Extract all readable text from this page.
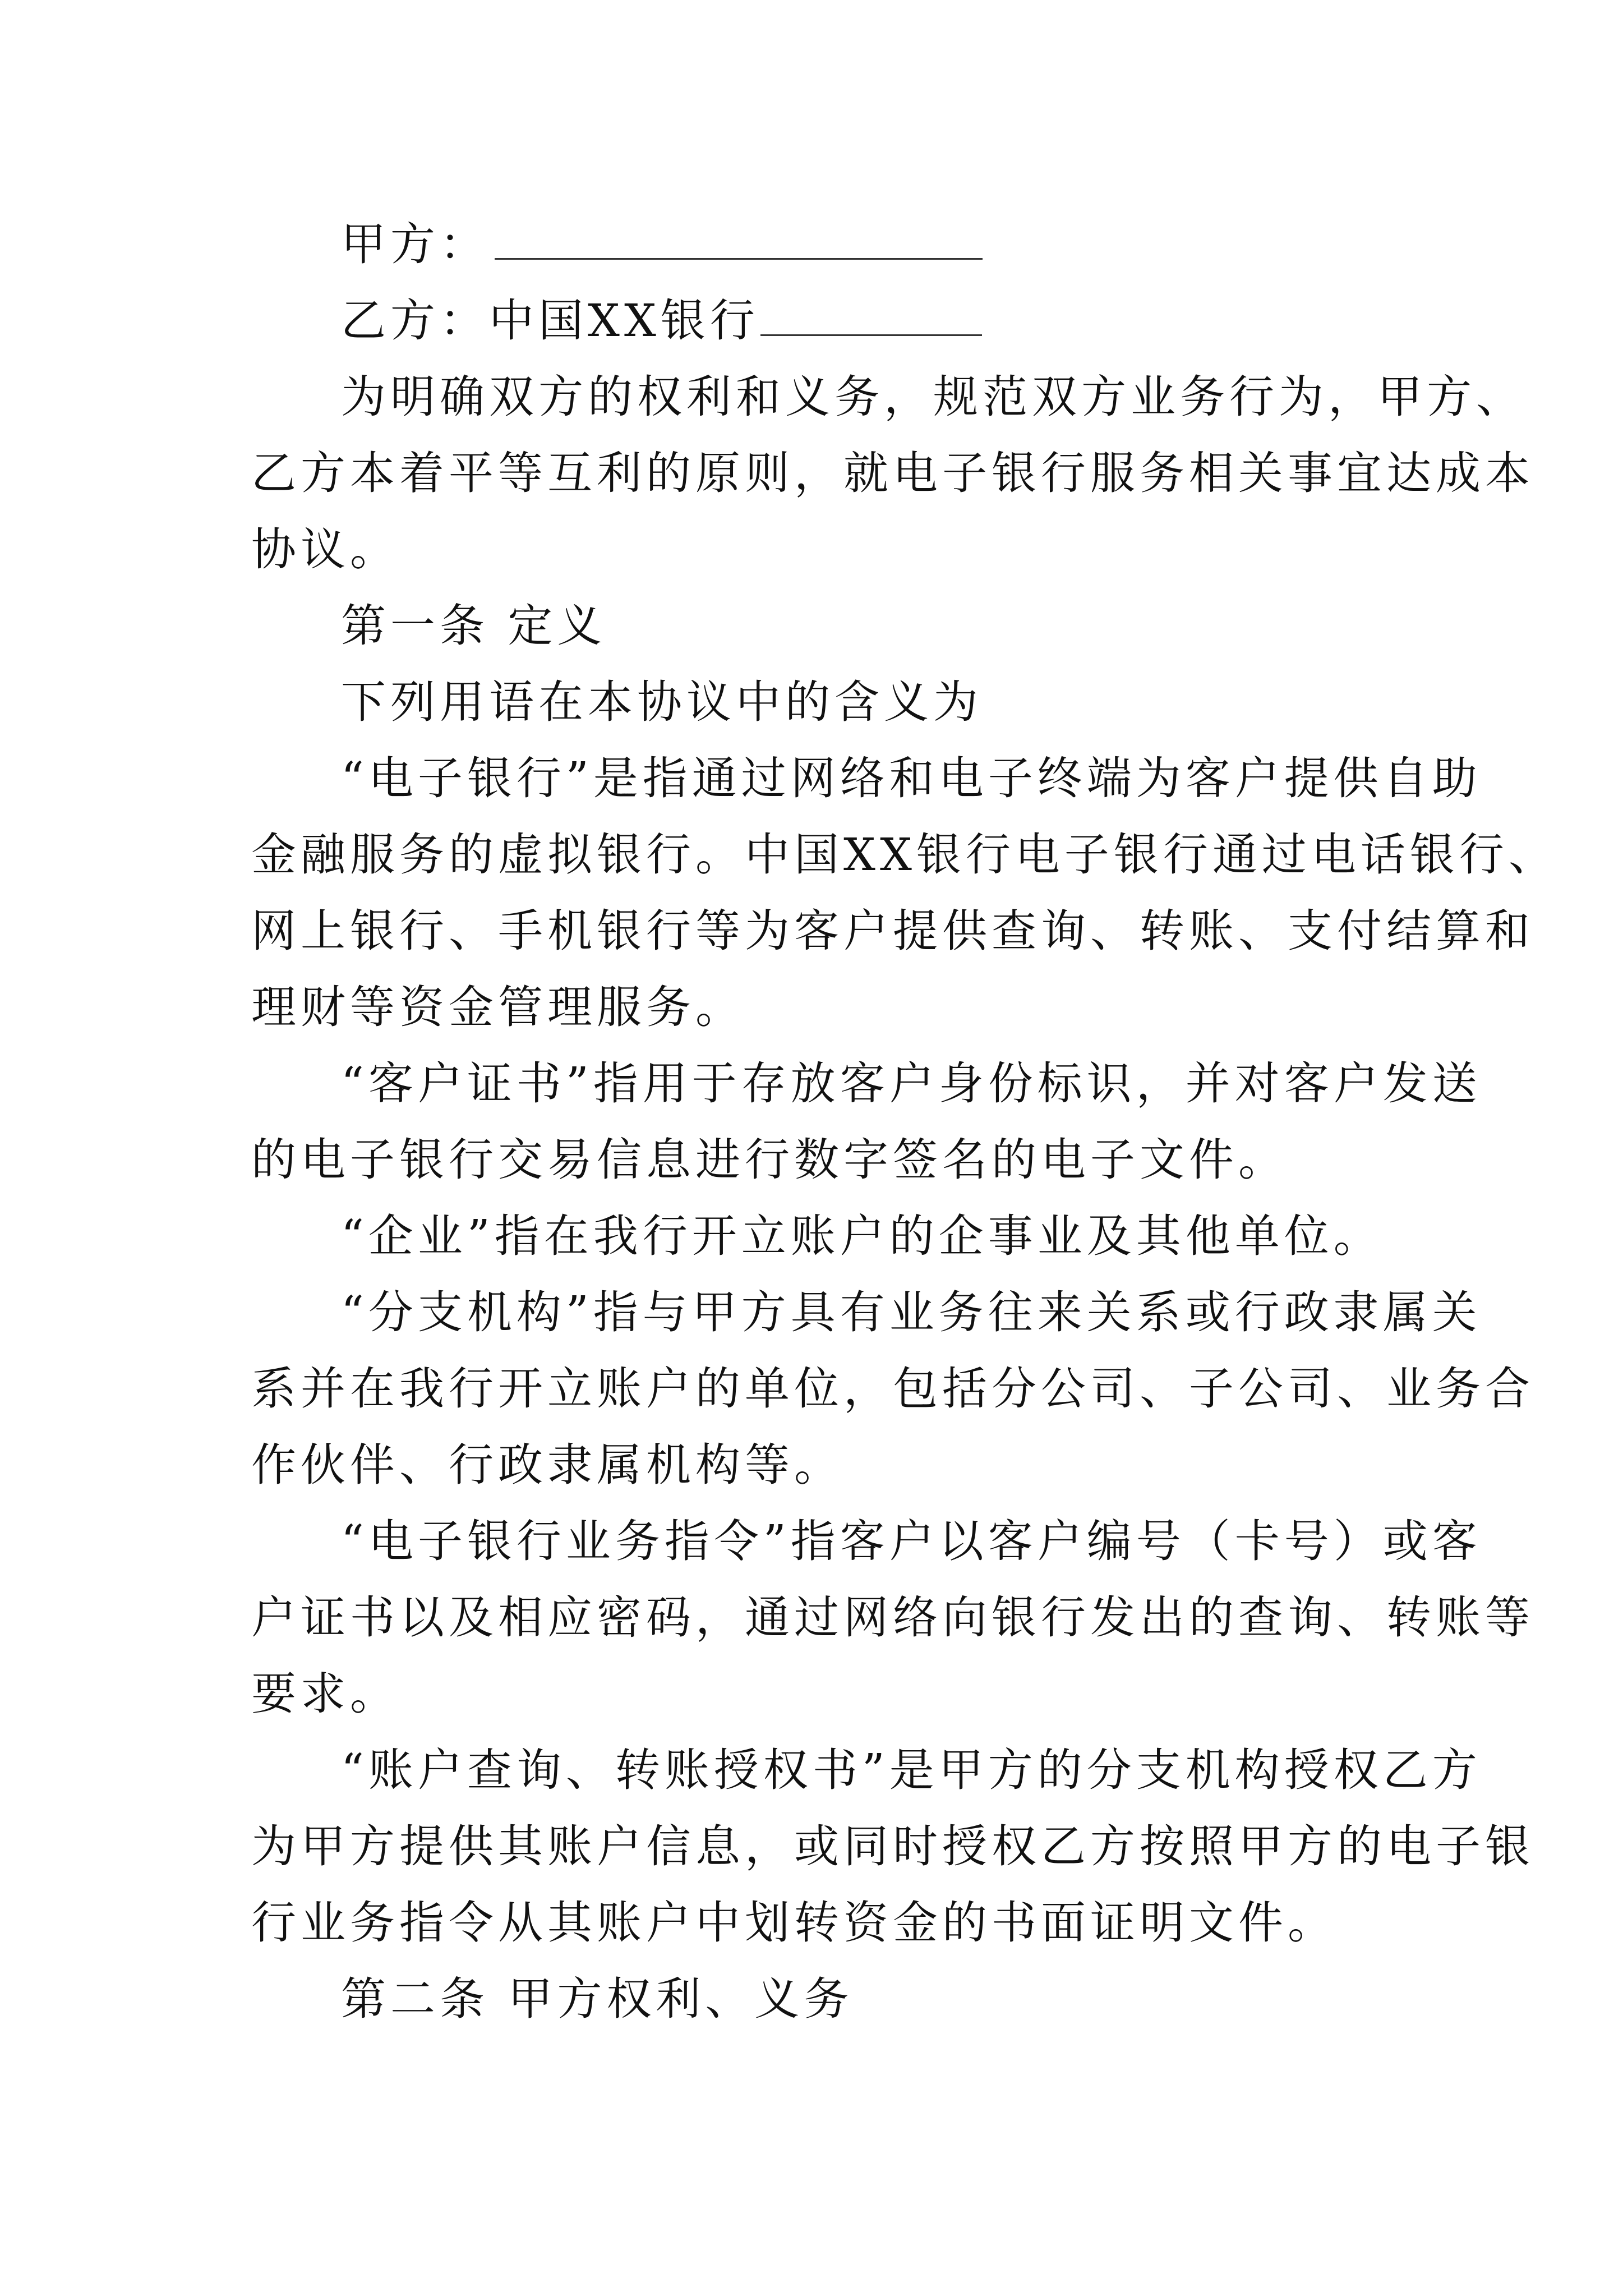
甲方：
乙方：中国XX银行
为明确双方的权利和义务，规范双方业务行为，甲方、
乙方本着平等互利的原则，就电子银行服务相关事宜达成本
协议。
第一条 定义
下列用语在本协议中的含义为
“电子银行”是指通过网络和电子终端为客户提供自助
金融服务的虚拟银行。中国XX银行电子银行通过电话银行、
网上银行、手机银行等为客户提供查询、转账、支付结算和
理财等资金管理服务。
“客户证书”指用于存放客户身份标识，并对客户发送
的电子银行交易信息进行数字签名的电子文件。
“企业”指在我行开立账户的企事业及其他单位。
“分支机构”指与甲方具有业务往来关系或行政隶属关
系并在我行开立账户的单位，包括分公司、子公司、业务合
作伙伴、行政隶属机构等。
“电子银行业务指令”指客户以客户编号（卡号）或客
户证书以及相应密码，通过网络向银行发出的查询、转账等
要求。
“账户查询、转账授权书”是甲方的分支机构授权乙方
为甲方提供其账户信息，或同时授权乙方按照甲方的电子银
行业务指令从其账户中划转资金的书面证明文件。
第二条 甲方权利、义务
